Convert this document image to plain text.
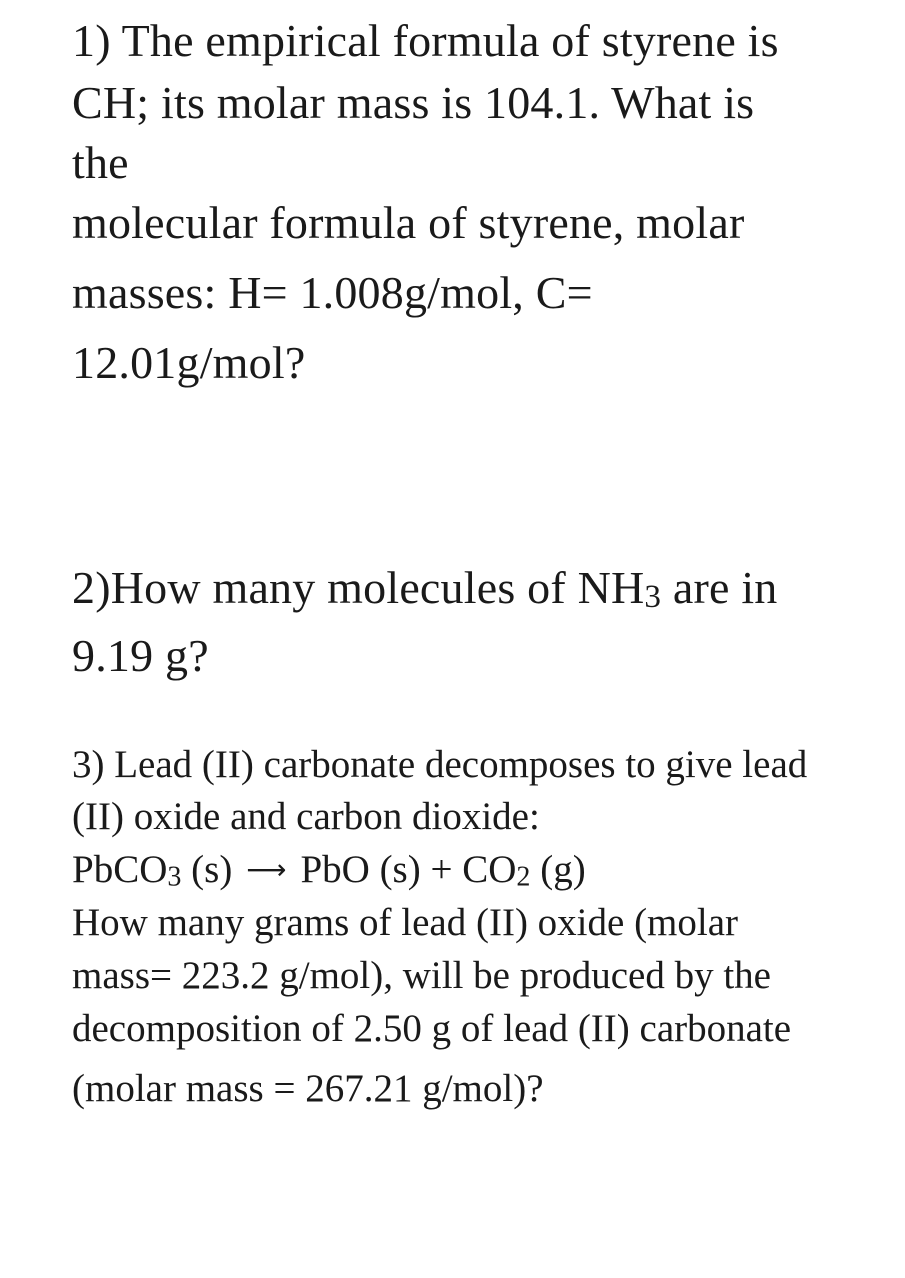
1) The empirical formula of styrene is
CH; its molar mass is 104.1. What is
the
molecular formula of styrene, molar
masses: H= 1.008g/mol, C=
12.01g/mol?
2)How many molecules of NH3 are in
9.19 g?
3) Lead (II) carbonate decomposes to give lead
(II) oxide and carbon dioxide:
PbCO3 (s) ⟶ PbO (s) + CO2 (g)
How many grams of lead (II) oxide (molar
mass= 223.2 g/mol), will be produced by the
decomposition of 2.50 g of lead (II) carbonate
(molar mass = 267.21 g/mol)?
